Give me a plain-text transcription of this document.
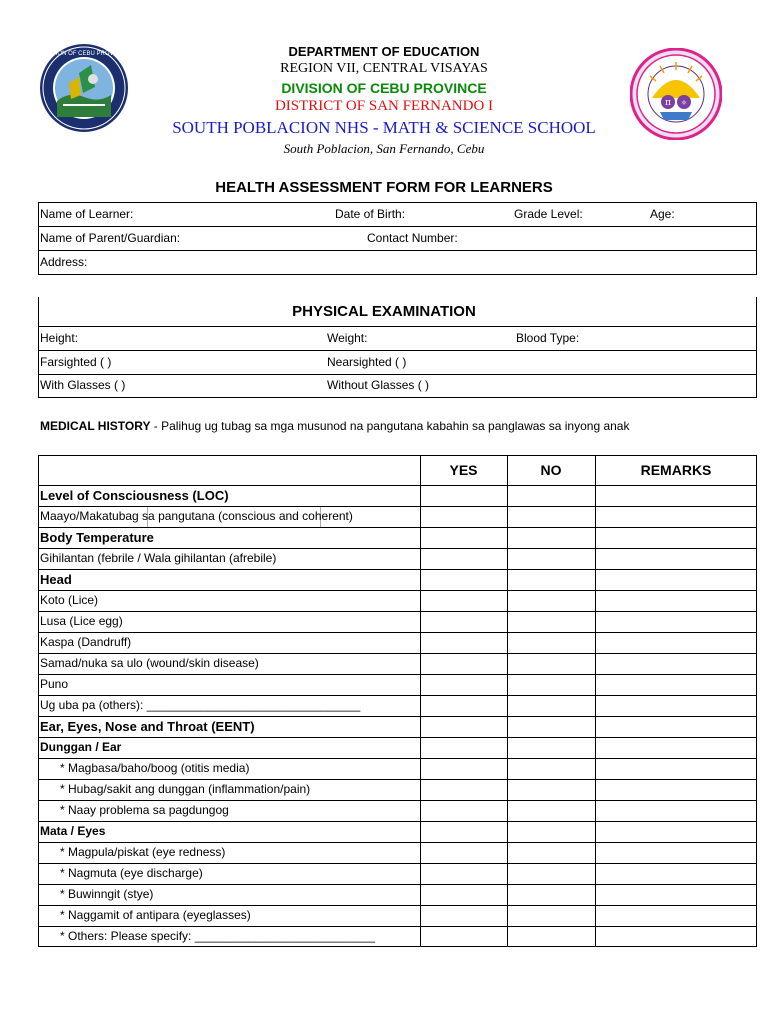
DIVISION OF CEBU PROVINCE
π ⚛
DEPARTMENT OF EDUCATION
REGION VII, CENTRAL VISAYAS
DIVISION OF CEBU PROVINCE
DISTRICT OF SAN FERNANDO I
SOUTH POBLACION NHS - MATH & SCIENCE SCHOOL
South Poblacion, San Fernando, Cebu
HEALTH ASSESSMENT FORM FOR LEARNERS
Name of Learner:	Date of Birth:	Grade Level:	Age:
Name of Parent/Guardian:	Contact Number:
Address:
PHYSICAL EXAMINATION
Height:	Weight:	Blood Type:
Farsighted ( )	Nearsighted ( )
With Glasses ( )	Without Glasses ( )
MEDICAL HISTORY - Palihug ug tubag sa mga musunod na pangutana kabahin sa panglawas sa inyong anak
YES	NO	REMARKS
Level of Consciousness (LOC)
Maayo/Makatubag sa pangutana (conscious and coherent)
Body Temperature
Gihilantan (febrile / Wala gihilantan (afrebile)
Head
Koto (Lice)
Lusa (Lice egg)
Kaspa (Dandruff)
Samad/nuka sa ulo (wound/skin disease)
Puno
Ug uba pa (others): ________________________________
Ear, Eyes, Nose and Throat (EENT)
Dunggan / Ear
* Magbasa/baho/boog (otitis media)
* Hubag/sakit ang dunggan (inflammation/pain)
* Naay problema sa pagdungog
Mata / Eyes
* Magpula/piskat (eye redness)
* Nagmuta (eye discharge)
* Buwinngit (stye)
* Naggamit of antipara (eyeglasses)
* Others: Please specify: ___________________________
